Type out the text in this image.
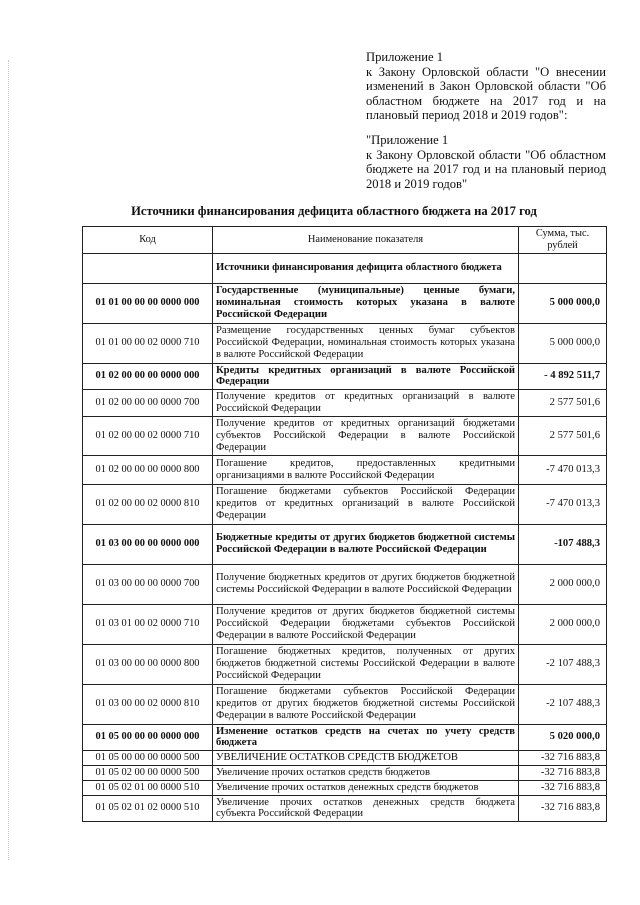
Приложение 1

к Закону Орловской области "О внесении изменений в Закон Орловской области "Об областном бюджете на 2017 год и на плановый период 2018 и 2019 годов":

"Приложение 1

к Закону Орловской области "Об областном бюджете на 2017 год и на плановый период 2018 и 2019 годов"

Источники финансирования дефицита областного бюджета на 2017 год
Код	Наименование показателя	Сумма, тыс. рублей
	Источники финансирования дефицита областного бюджета	
01 01 00 00 00 0000 000	Государственные (муниципальные) ценные бумаги, номинальная стоимость которых указана в валюте Российской Федерации	5 000 000,0
01 01 00 00 02 0000 710	Размещение государственных ценных бумаг субъектов Российской Федерации, номинальная стоимость которых указана в валюте Российской Федерации	5 000 000,0
01 02 00 00 00 0000 000	Кредиты кредитных организаций в валюте Российской Федерации	- 4 892 511,7
01 02 00 00 00 0000 700	Получение кредитов от кредитных организаций в валюте Российской Федерации	2 577 501,6
01 02 00 00 02 0000 710	Получение кредитов от кредитных организаций бюджетами субъектов Российской Федерации в валюте Российской Федерации	2 577 501,6
01 02 00 00 00 0000 800	Погашение кредитов, предоставленных кредитными организациями в валюте Российской Федерации	-7 470 013,3
01 02 00 00 02 0000 810	Погашение бюджетами субъектов Российской Федерации кредитов от кредитных организаций в валюте Российской Федерации	-7 470 013,3
01 03 00 00 00 0000 000	Бюджетные кредиты от других бюджетов бюджетной системы Российской Федерации в валюте Российской Федерации	-107 488,3
01 03 00 00 00 0000 700	Получение бюджетных кредитов от других бюджетов бюджетной системы Российской Федерации в валюте Российской Федерации	2 000 000,0
01 03 01 00 02 0000 710	Получение кредитов от других бюджетов бюджетной системы Российской Федерации бюджетами субъектов Российской Федерации в валюте Российской Федерации	2 000 000,0
01 03 00 00 00 0000 800	Погашение бюджетных кредитов, полученных от других бюджетов бюджетной системы Российской Федерации в валюте Российской Федерации	-2 107 488,3
01 03 00 00 02 0000 810	Погашение бюджетами субъектов Российской Федерации кредитов от других бюджетов бюджетной системы Российской Федерации в валюте Российской Федерации	-2 107 488,3
01 05 00 00 00 0000 000	Изменение остатков средств на счетах по учету средств бюджета	5 020 000,0
01 05 00 00 00 0000 500	УВЕЛИЧЕНИЕ ОСТАТКОВ СРЕДСТВ БЮДЖЕТОВ	-32 716 883,8
01 05 02 00 00 0000 500	Увеличение прочих остатков средств бюджетов	-32 716 883,8
01 05 02 01 00 0000 510	Увеличение прочих остатков денежных средств бюджетов	-32 716 883,8
01 05 02 01 02 0000 510	Увеличение прочих остатков денежных средств бюджета субъекта Российской Федерации	-32 716 883,8
